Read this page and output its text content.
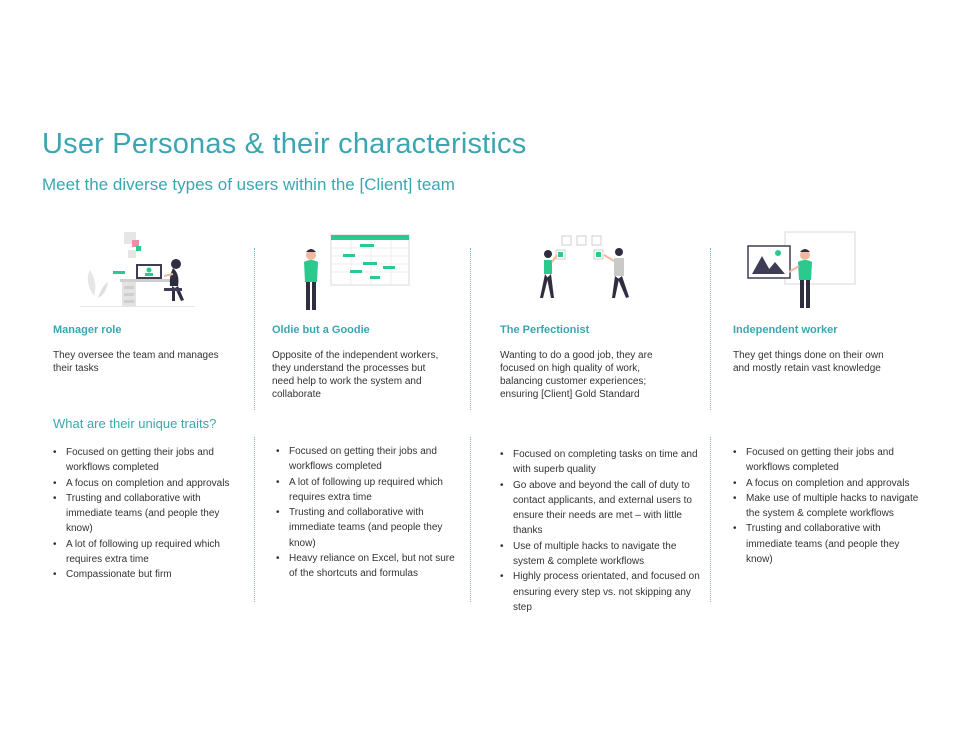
User Personas & their characteristics
Meet the diverse types of users within the [Client] team

Manager role	Oldie but a Goodie	The Perfectionist	Independent worker

They oversee the team and manages their tasks

Opposite of the independent workers, they understand the processes but need help to work the system and collaborate

Wanting to do a good job, they are focused on high quality of work, balancing customer experiences; ensuring [Client] Gold Standard

They get things done on their own and mostly retain vast knowledge

What are their unique traits?
• Focused on getting their jobs and workflows completed
• A focus on completion and approvals
• Trusting and collaborative with immediate teams (and people they know)
• A lot of following up required which requires extra time
• Compassionate but firm
• Focused on getting their jobs and workflows completed
• A lot of following up required which requires extra time
• Trusting and collaborative with immediate teams (and people they know)
• Heavy reliance on Excel, but not sure of the shortcuts and formulas
• Focused on completing tasks on time and with superb quality
• Go above and beyond the call of duty to contact applicants, and external users to ensure their needs are met – with little thanks
• Use of multiple hacks to navigate the system & complete workflows
• Highly process orientated, and focused on ensuring every step vs. not skipping any step
• Focused on getting their jobs and workflows completed
• A focus on completion and approvals
• Make use of multiple hacks to navigate the system & complete workflows
• Trusting and collaborative with immediate teams (and people they know)
